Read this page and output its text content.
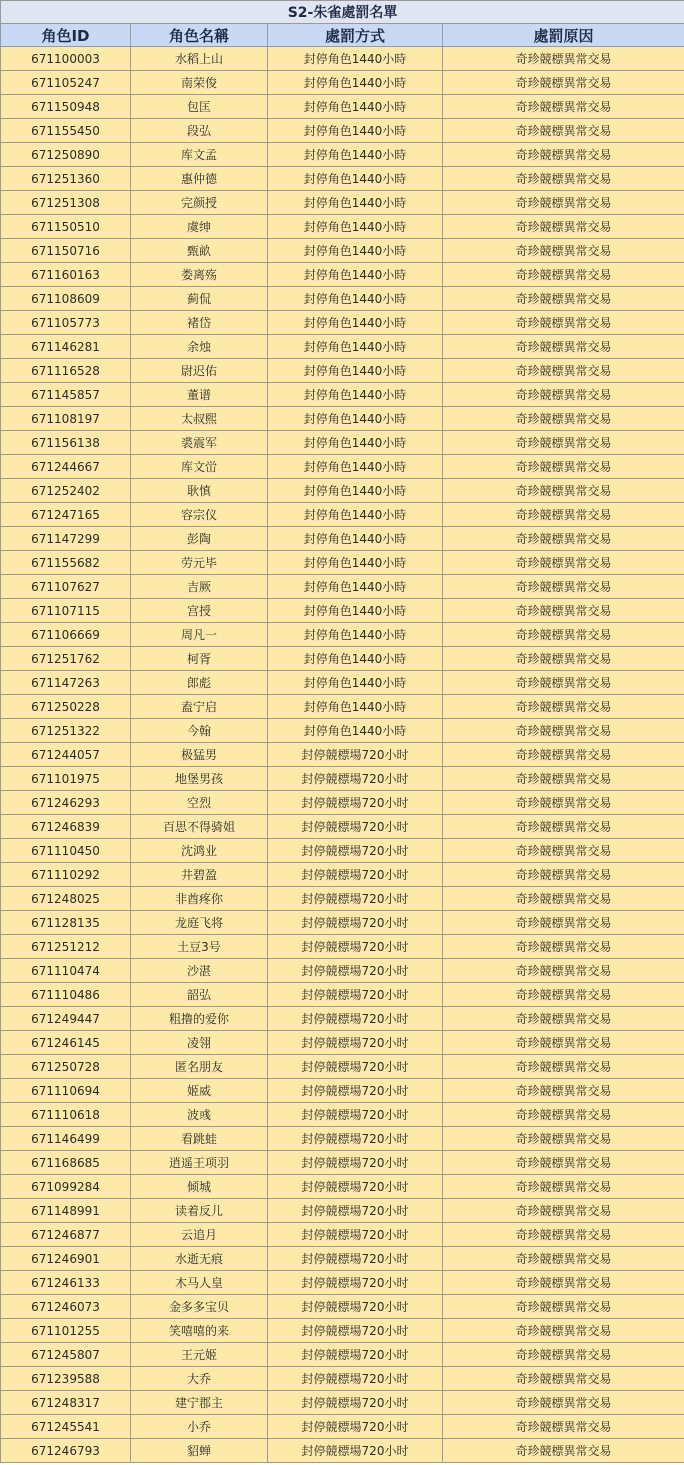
S2-朱雀處罰名單			
角色ID	角色名稱	處罰方式	處罰原因
671100003	水稻上山	封停角色1440小時	奇珍競標異常交易
671105247	南荣俊	封停角色1440小時	奇珍競標異常交易
671150948	包匡	封停角色1440小時	奇珍競標異常交易
671155450	段弘	封停角色1440小時	奇珍競標異常交易
671250890	库文孟	封停角色1440小時	奇珍競標異常交易
671251360	惠仲德	封停角色1440小時	奇珍競標異常交易
671251308	完颜授	封停角色1440小時	奇珍競標異常交易
671150510	虞绅	封停角色1440小時	奇珍競標異常交易
671150716	甄畝	封停角色1440小時	奇珍競標異常交易
671160163	娄离殇	封停角色1440小時	奇珍競標異常交易
671108609	蓟侃	封停角色1440小時	奇珍競標異常交易
671105773	褚岱	封停角色1440小時	奇珍競標異常交易
671146281	余烛	封停角色1440小時	奇珍競標異常交易
671116528	尉迟佑	封停角色1440小時	奇珍競標異常交易
671145857	董谱	封停角色1440小時	奇珍競標異常交易
671108197	太叔熙	封停角色1440小時	奇珍競標異常交易
671156138	裘震军	封停角色1440小時	奇珍競標異常交易
671244667	库文峃	封停角色1440小時	奇珍競標異常交易
671252402	耿慎	封停角色1440小時	奇珍競標異常交易
671247165	容宗仪	封停角色1440小時	奇珍競標異常交易
671147299	彭陶	封停角色1440小時	奇珍競標異常交易
671155682	劳元毕	封停角色1440小時	奇珍競標異常交易
671107627	吉厥	封停角色1440小時	奇珍競標異常交易
671107115	宫授	封停角色1440小時	奇珍競標異常交易
671106669	周凡一	封停角色1440小時	奇珍競標異常交易
671251762	柯胥	封停角色1440小時	奇珍競標異常交易
671147263	郎彪	封停角色1440小時	奇珍競標異常交易
671250228	盍宁启	封停角色1440小時	奇珍競標異常交易
671251322	今翰	封停角色1440小時	奇珍競標異常交易
671244057	极猛男	封停競標場720小时	奇珍競標異常交易
671101975	地堡男孩	封停競標場720小时	奇珍競標異常交易
671246293	空烈	封停競標場720小时	奇珍競標異常交易
671246839	百思不得骑姐	封停競標場720小时	奇珍競標異常交易
671110450	沈鸿业	封停競標場720小时	奇珍競標異常交易
671110292	井碧盈	封停競標場720小时	奇珍競標異常交易
671248025	非酋疼你	封停競標場720小时	奇珍競標異常交易
671128135	龙庭飞将	封停競標場720小时	奇珍競標異常交易
671251212	土豆3号	封停競標場720小时	奇珍競標異常交易
671110474	沙湛	封停競標場720小时	奇珍競標異常交易
671110486	韶弘	封停競標場720小时	奇珍競標異常交易
671249447	粗撸的爱你	封停競標場720小时	奇珍競標異常交易
671246145	凌翎	封停競標場720小时	奇珍競標異常交易
671250728	匿名朋友	封停競標場720小时	奇珍競標異常交易
671110694	姬威	封停競標場720小时	奇珍競標異常交易
671110618	波彧	封停競標場720小时	奇珍競標異常交易
671146499	看跳蛙	封停競標場720小时	奇珍競標異常交易
671168685	逍遥王项羽	封停競標場720小时	奇珍競標異常交易
671099284	倾城	封停競標場720小时	奇珍競標異常交易
671148991	读着反儿	封停競標場720小时	奇珍競標異常交易
671246877	云追月	封停競標場720小时	奇珍競標異常交易
671246901	水逝无痕	封停競標場720小时	奇珍競標異常交易
671246133	木马人皇	封停競標場720小时	奇珍競標異常交易
671246073	金多多宝贝	封停競標場720小时	奇珍競標異常交易
671101255	笑嘻嘻的来	封停競標場720小时	奇珍競標異常交易
671245807	王元姬	封停競標場720小时	奇珍競標異常交易
671239588	大乔	封停競標場720小时	奇珍競標異常交易
671248317	建宁郡主	封停競標場720小时	奇珍競標異常交易
671245541	小乔	封停競標場720小时	奇珍競標異常交易
671246793	貂蝉	封停競標場720小时	奇珍競標異常交易
